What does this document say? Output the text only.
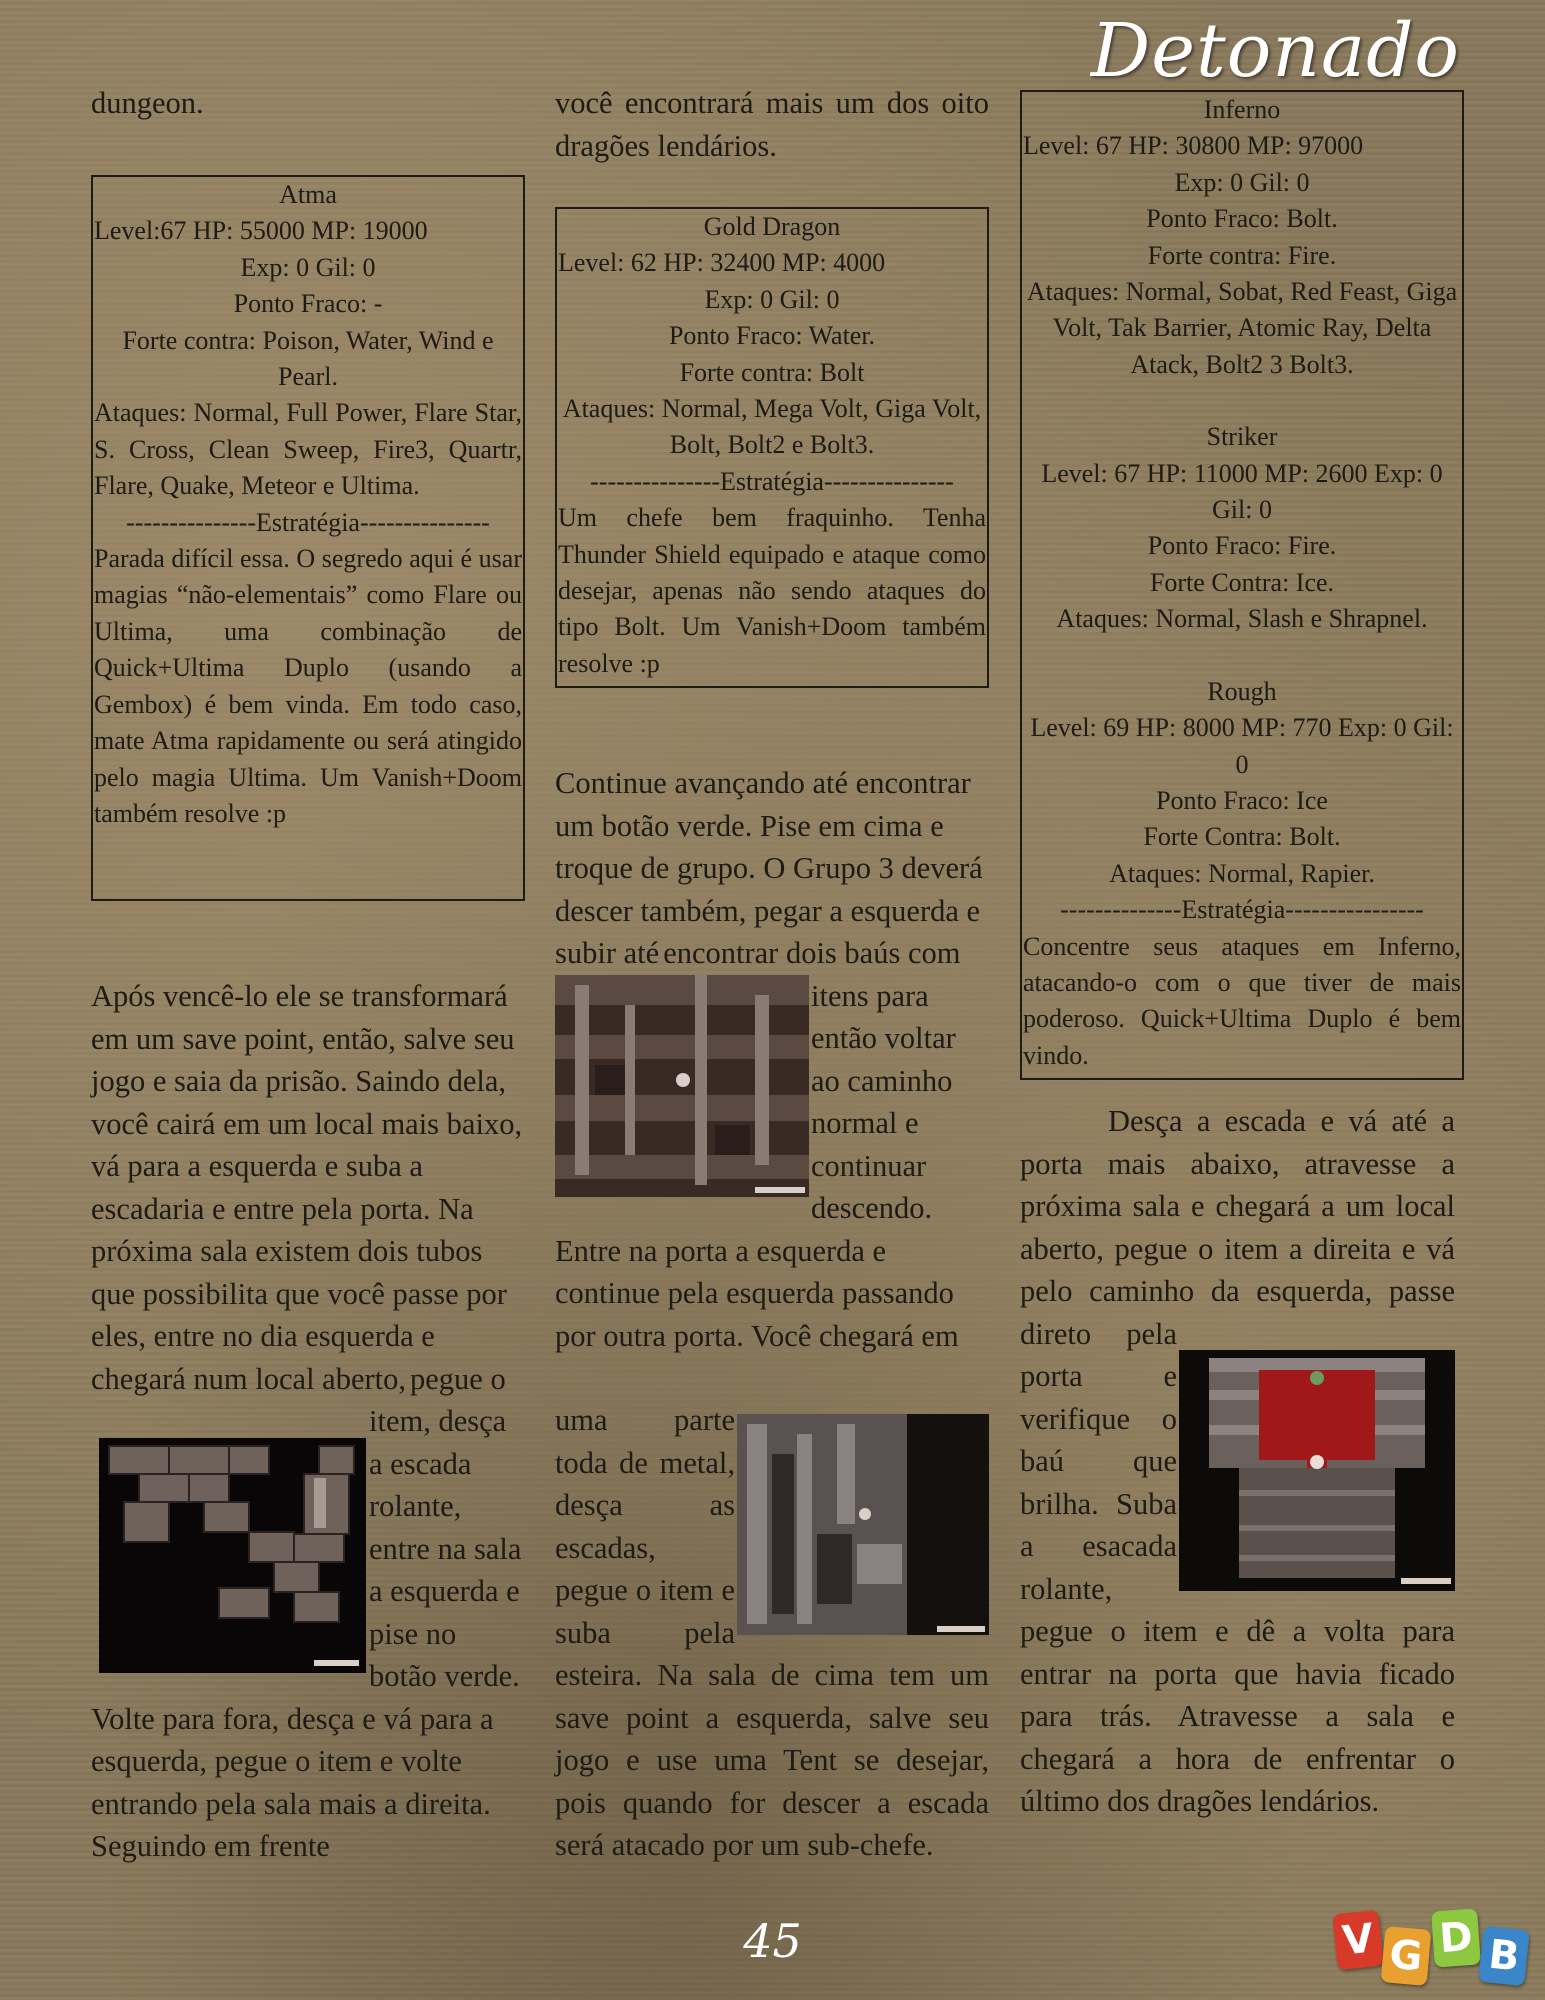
Detonado

dungeon.

Atma

Level:67 HP: 55000 MP: 19000

Exp: 0 Gil: 0

Ponto Fraco: -

Forte contra: Poison, Water, Wind e Pearl.

Ataques: Normal, Full Power, Flare Star, S. Cross, Clean Sweep, Fire3, Quartr, Flare, Quake, Meteor e Ultima.

---------------Estratégia---------------

Parada difícil essa. O segredo aqui é usar magias “não-elementais” como Flare ou Ultima, uma combinação de Quick+Ultima Duplo (usando a Gembox) é bem vinda. Em todo caso, mate Atma rapidamente ou será atingido pelo magia Ultima. Um Vanish+Doom também resolve :p

Após vencê-lo ele se transformará em um save point, então, salve seu jogo e saia da prisão. Saindo dela, você cairá em um local mais baixo, vá para a esquerda e suba a escadaria e entre pela porta. Na próxima sala existem dois tubos que possibilita que você passe por eles, entre no dia esquerda e chegará num local aberto,

pegue o item, desça a escada rolante, entre na sala a esquerda e pise no botão verde. Volte para fora, desça e vá para a esquerda, pegue o item e volte entrando pela sala mais a direita. Seguindo em frente

você encontrará mais um dos oito dragões lendários.

Gold Dragon

Level: 62 HP: 32400 MP: 4000

Exp: 0 Gil: 0

Ponto Fraco: Water.

Forte contra: Bolt

Ataques: Normal, Mega Volt, Giga Volt, Bolt, Bolt2 e Bolt3.

---------------Estratégia---------------

Um chefe bem fraquinho. Tenha Thunder Shield equipado e ataque como desejar, apenas não sendo ataques do tipo Bolt. Um Vanish+Doom também resolve :p

Continue avançando até encontrar um botão verde. Pise em cima e troque de grupo. O Grupo 3 deverá descer também, pegar a esquerda e subir até

encontrar dois baús com itens para então voltar ao caminho normal e continuar descendo. Entre na porta a esquerda e continue pela esquerda passando por outra porta. Você chegará em

uma parte toda de metal, desça as escadas, pegue o item e suba pela esteira. Na sala de cima tem um save point a esquerda, salve seu jogo e use uma Tent se desejar, pois quando for descer a escada será atacado por um sub-chefe.

Inferno

Level: 67 HP: 30800 MP: 97000

Exp: 0 Gil: 0

Ponto Fraco: Bolt.

Forte contra: Fire.

Ataques: Normal, Sobat, Red Feast, Giga Volt, Tak Barrier, Atomic Ray, Delta Atack, Bolt2 3 Bolt3.

Striker

Level: 67 HP: 11000 MP: 2600 Exp: 0 Gil: 0

Ponto Fraco: Fire.

Forte Contra: Ice.

Ataques: Normal, Slash e Shrapnel.

Rough

Level: 69 HP: 8000 MP: 770 Exp: 0 Gil: 0

Ponto Fraco: Ice

Forte Contra: Bolt.

Ataques: Normal, Rapier.

--------------Estratégia----------------

Concentre seus ataques em Inferno, atacando-o com o que tiver de mais poderoso. Quick+Ultima Duplo é bem vindo.

Desça a escada e vá até a porta mais abaixo, atravesse a próxima sala e chegará a um local aberto, pegue o item a direita e vá pelo caminho da esquerda, passe direto pela porta e verifique o baú que brilha. Suba a esacada rolante, pegue o item e dê a volta para entrar na porta que havia ficado para trás. Atravesse a sala e chegará a hora de enfrentar o último dos dragões lendários.

45	V G D B
